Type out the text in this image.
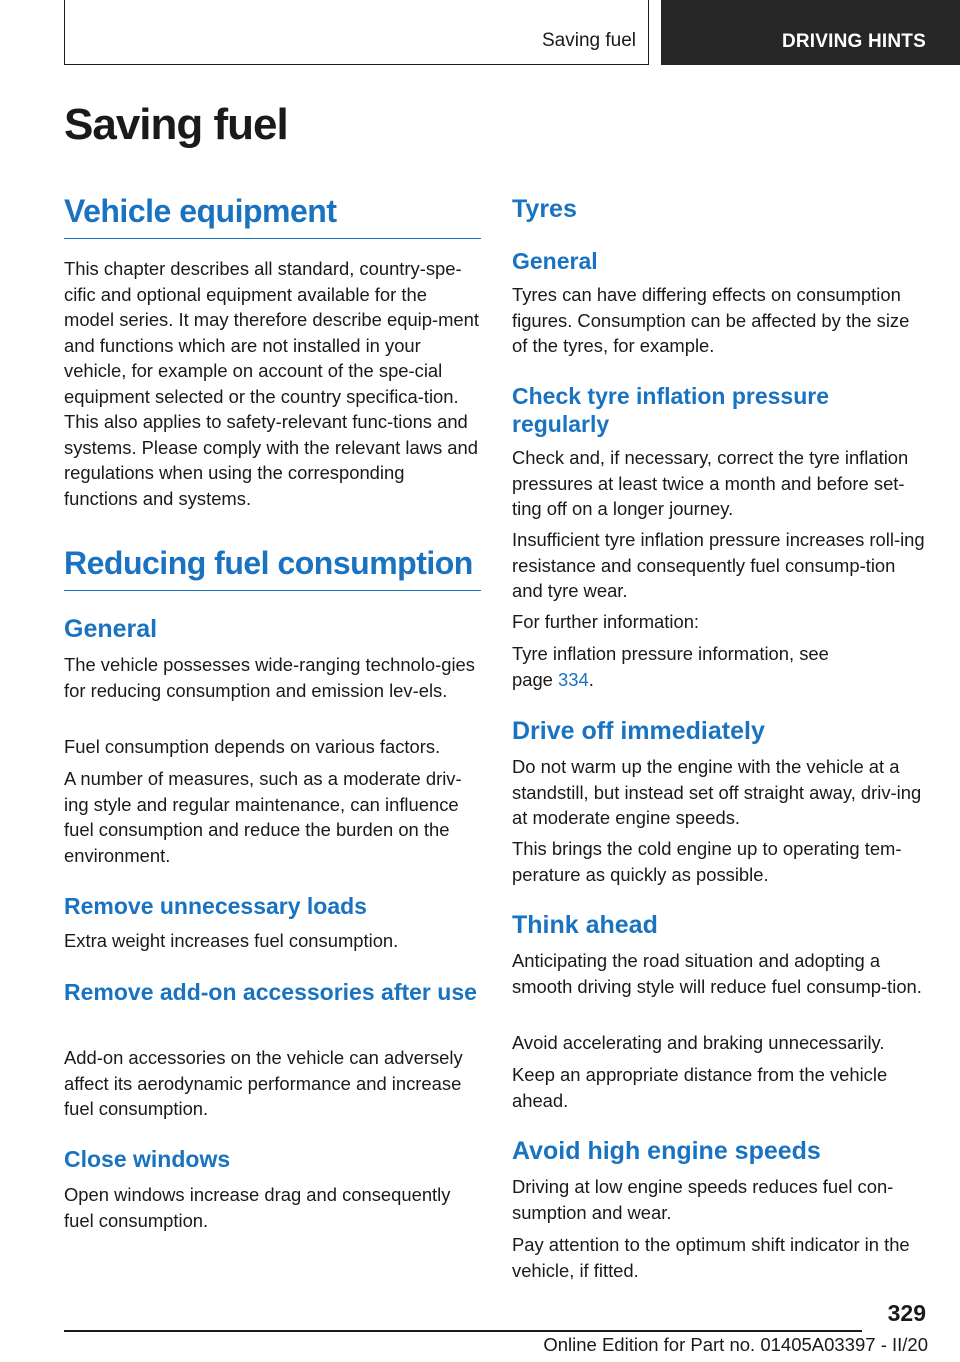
Saving fuel	DRIVING HINTS
Saving fuel
Vehicle equipment
This chapter describes all standard, country-spe-cific and optional equipment available for the model series. It may therefore describe equip-ment and functions which are not installed in your vehicle, for example on account of the spe-cial equipment selected or the country specifica-tion. This also applies to safety-relevant func-tions and systems. Please comply with the relevant laws and regulations when using the corresponding functions and systems.
Reducing fuel consumption
General
The vehicle possesses wide-ranging technolo-gies for reducing consumption and emission lev-els.
Fuel consumption depends on various factors.
A number of measures, such as a moderate driv-ing style and regular maintenance, can influence fuel consumption and reduce the burden on the environment.
Remove unnecessary loads
Extra weight increases fuel consumption.
Remove add-on accessories after use
Add-on accessories on the vehicle can adversely affect its aerodynamic performance and increase fuel consumption.
Close windows
Open windows increase drag and consequently fuel consumption.
Tyres
General
Tyres can have differing effects on consumption figures. Consumption can be affected by the size of the tyres, for example.
Check tyre inflation pressure regularly
Check and, if necessary, correct the tyre inflation pressures at least twice a month and before set-ting off on a longer journey.
Insufficient tyre inflation pressure increases roll-ing resistance and consequently fuel consump-tion and tyre wear.
For further information:
Tyre inflation pressure information, see page 334.
Drive off immediately
Do not warm up the engine with the vehicle at a standstill, but instead set off straight away, driv-ing at moderate engine speeds.
This brings the cold engine up to operating tem-perature as quickly as possible.
Think ahead
Anticipating the road situation and adopting a smooth driving style will reduce fuel consump-tion.
Avoid accelerating and braking unnecessarily.
Keep an appropriate distance from the vehicle ahead.
Avoid high engine speeds
Driving at low engine speeds reduces fuel con-sumption and wear.
Pay attention to the optimum shift indicator in the vehicle, if fitted.
329
Online Edition for Part no. 01405A03397 - II/20
